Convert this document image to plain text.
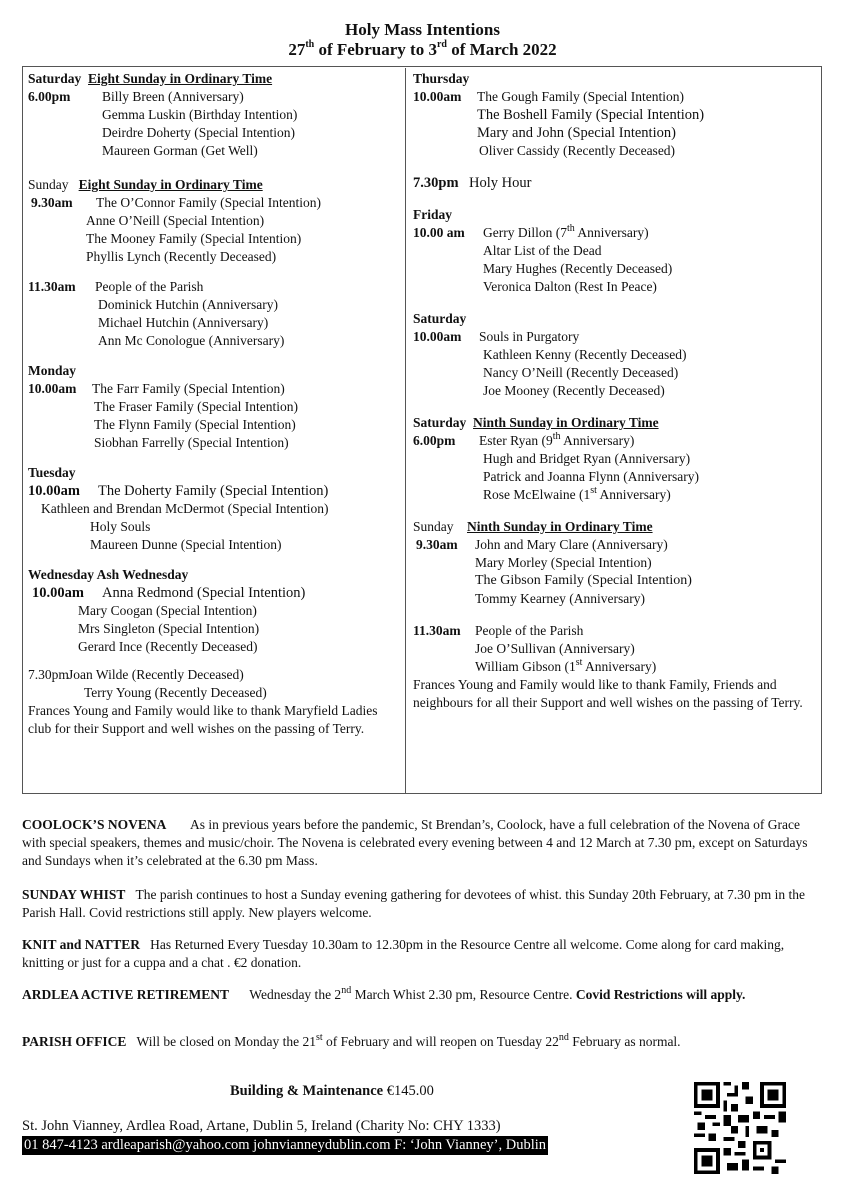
Holy Mass Intentions
27th of February to 3rd of March 2022
Saturday Eight Sunday in Ordinary Time
6.00pm Billy Breen (Anniversary)
Gemma Luskin (Birthday Intention)
Deirdre Doherty (Special Intention)
Maureen Gorman (Get Well)
Sunday Eight Sunday in Ordinary Time
9.30am The O’Connor Family (Special Intention)
Anne O’Neill (Special Intention)
The Mooney Family (Special Intention)
Phyllis Lynch (Recently Deceased)
11.30am People of the Parish
Dominick Hutchin (Anniversary)
Michael Hutchin (Anniversary)
Ann Mc Conologue (Anniversary)
Monday
10.00am The Farr Family (Special Intention)
The Fraser Family (Special Intention)
The Flynn Family (Special Intention)
Siobhan Farrelly (Special Intention)
Tuesday
10.00am The Doherty Family (Special Intention)
Kathleen and Brendan McDermot (Special Intention)
Holy Souls
Maureen Dunne (Special Intention)
Wednesday Ash Wednesday
10.00am Anna Redmond (Special Intention)
Mary Coogan (Special Intention)
Mrs Singleton (Special Intention)
Gerard Ince (Recently Deceased)
7.30pmJoan Wilde (Recently Deceased)
Terry Young (Recently Deceased)
Frances Young and Family would like to thank Maryfield Ladies club for their Support and well wishes on the passing of Terry.
Thursday
10.00am The Gough Family (Special Intention)
The Boshell Family (Special Intention)
Mary and John (Special Intention)
Oliver Cassidy (Recently Deceased)
7.30pm Holy Hour
Friday
10.00 am Gerry Dillon (7th Anniversary)
Altar List of the Dead
Mary Hughes (Recently Deceased)
Veronica Dalton (Rest In Peace)
Saturday
10.00am Souls in Purgatory
Kathleen Kenny (Recently Deceased)
Nancy O’Neill (Recently Deceased)
Joe Mooney (Recently Deceased)
Saturday Ninth Sunday in Ordinary Time
6.00pm Ester Ryan (9th Anniversary)
Hugh and Bridget Ryan (Anniversary)
Patrick and Joanna Flynn (Anniversary)
Rose McElwaine (1st Anniversary)
Sunday Ninth Sunday in Ordinary Time
9.30am John and Mary Clare (Anniversary)
Mary Morley (Special Intention)
The Gibson Family (Special Intention)
Tommy Kearney (Anniversary)
11.30am People of the Parish
Joe O’Sullivan (Anniversary)
William Gibson (1st Anniversary)
Frances Young and Family would like to thank Family, Friends and neighbours for all their Support and well wishes on the passing of Terry.
COOLOCK’S NOVENA As in previous years before the pandemic, St Brendan’s, Coolock, have a full celebration of the Novena of Grace with special speakers, themes and music/choir. The Novena is celebrated every evening between 4 and 12 March at 7.30 pm, except on Saturdays and Sundays when it’s celebrated at the 6.30 pm Mass.
SUNDAY WHIST The parish continues to host a Sunday evening gathering for devotees of whist. this Sunday 20th February, at 7.30 pm in the Parish Hall. Covid restrictions still apply. New players welcome.
KNIT and NATTER Has Returned Every Tuesday 10.30am to 12.30pm in the Resource Centre all welcome. Come along for card making, knitting or just for a cuppa and a chat . €2 donation.
ARDLEA ACTIVE RETIREMENT Wednesday the 2nd March Whist 2.30 pm, Resource Centre. Covid Restrictions will apply.
PARISH OFFICE Will be closed on Monday the 21st of February and will reopen on Tuesday 22nd February as normal.
Building & Maintenance €145.00
St. John Vianney, Ardlea Road, Artane, Dublin 5, Ireland (Charity No: CHY 1333)
01 847-4123 ardleaparish@yahoo.com johnvianneydublin.com F: ‘John Vianney’, Dublin
